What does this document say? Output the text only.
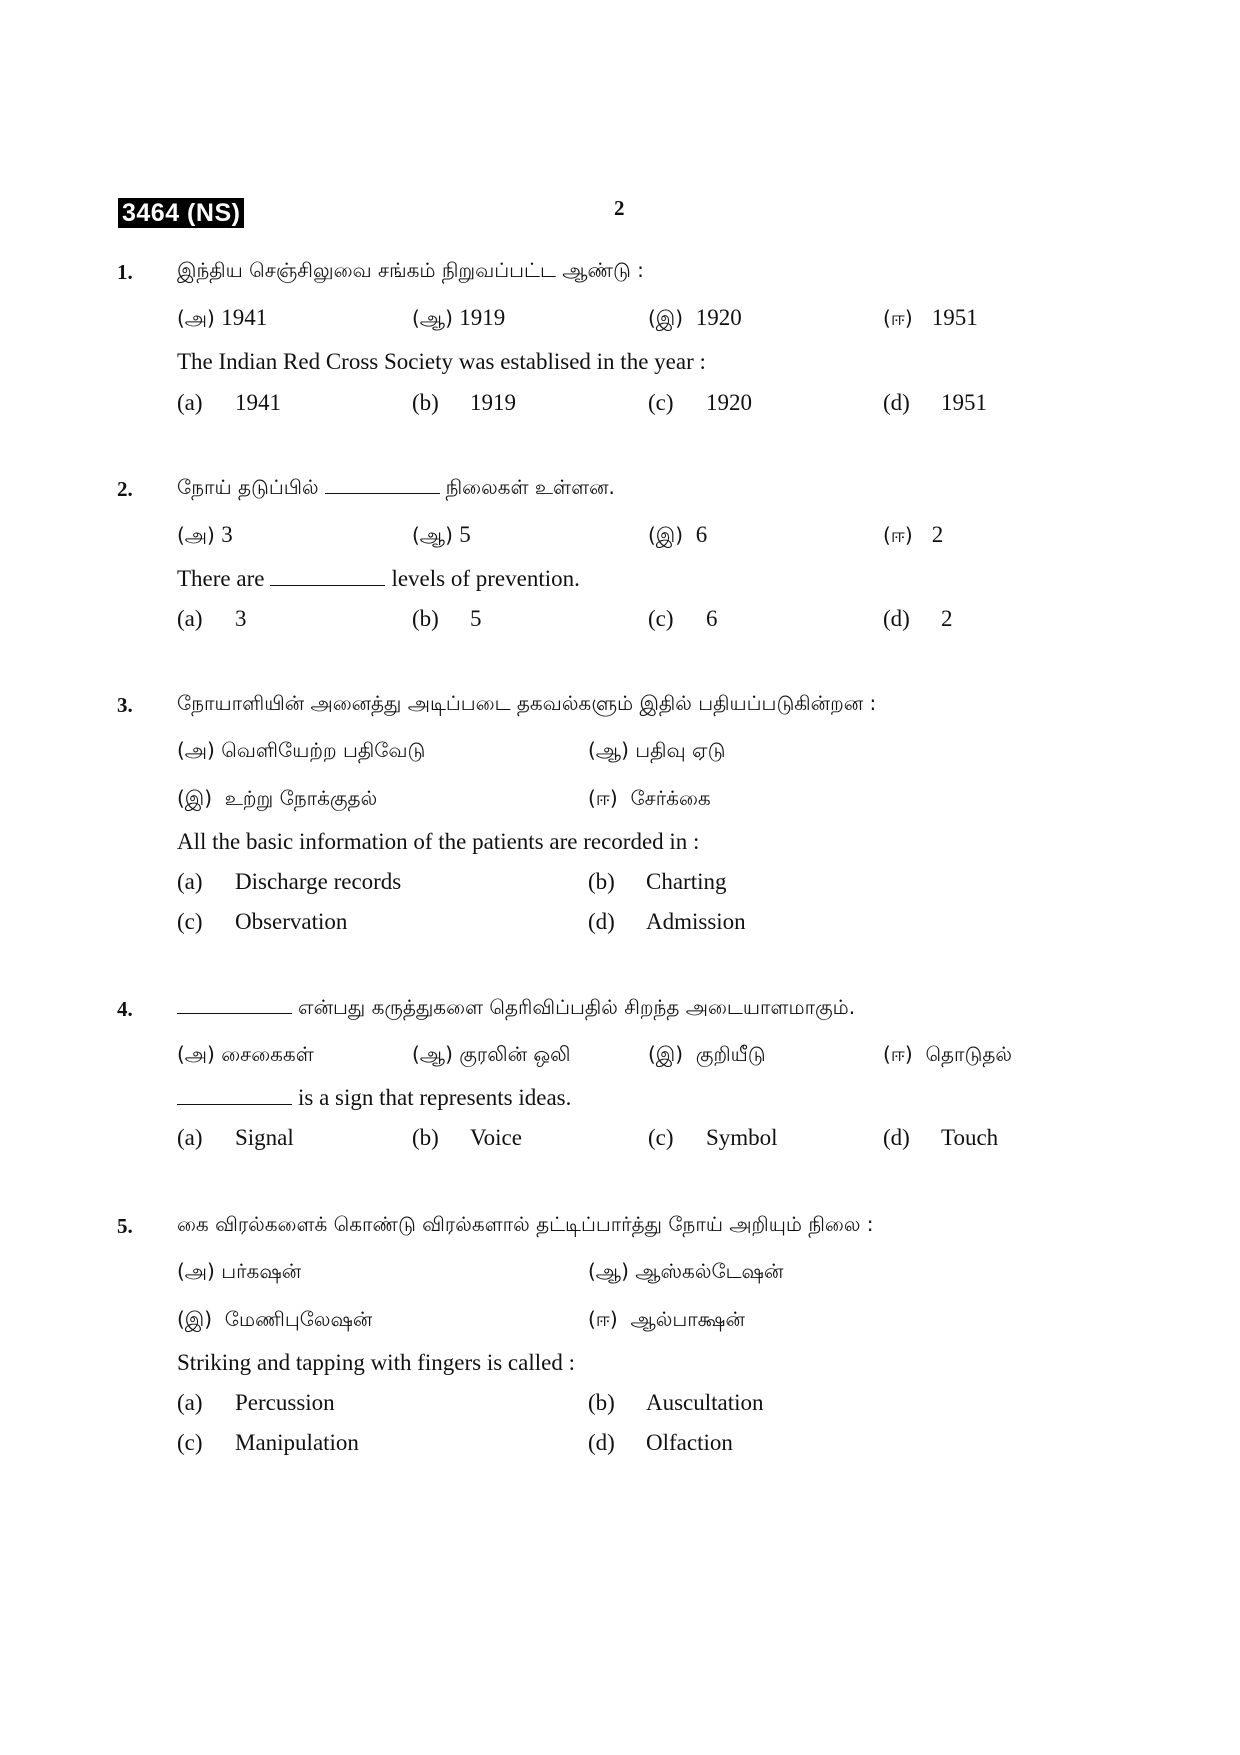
3464 (NS)	2
1. இந்திய செஞ்சிலுவை சங்கம் நிறுவப்பட்ட ஆண்டு :
(அ) 1941	(ஆ) 1919	(இ) 1920	(ஈ) 1951
The Indian Red Cross Society was establised in the year :
(a) 1941	(b) 1919	(c) 1920	(d) 1951
2. நோய் தடுப்பில்	நிலைகள் உள்ளன.
(அ) 3	(ஆ) 5	(இ) 6	(ஈ) 2
There are	levels of prevention.
(a) 3	(b) 5	(c) 6	(d) 2
3. நோயாளியின் அனைத்து அடிப்படை தகவல்களும் இதில் பதியப்படுகின்றன :
(அ) வெளியேற்ற பதிவேடு	(ஆ) பதிவு ஏடு
(இ) உற்று நோக்குதல்	(ஈ) சேர்க்கை
All the basic information of the patients are recorded in :
(a) Discharge records	(b) Charting
(c) Observation	(d) Admission
4.	என்பது கருத்துகளை தெரிவிப்பதில் சிறந்த அடையாளமாகும்.
(அ) சைகைகள்	(ஆ) குரலின் ஒலி	(இ) குறியீடு	(ஈ) தொடுதல்
is a sign that represents ideas.
(a) Signal	(b) Voice	(c) Symbol	(d) Touch
5. கை விரல்களைக் கொண்டு விரல்களால் தட்டிப்பார்த்து நோய் அறியும் நிலை :
(அ) பர்கஷன்	(ஆ) ஆஸ்கல்டேஷன்
(இ) மேணிபுலேஷன்	(ஈ) ஆல்பாக்ஷன்
Striking and tapping with fingers is called :
(a) Percussion	(b) Auscultation
(c) Manipulation	(d) Olfaction
